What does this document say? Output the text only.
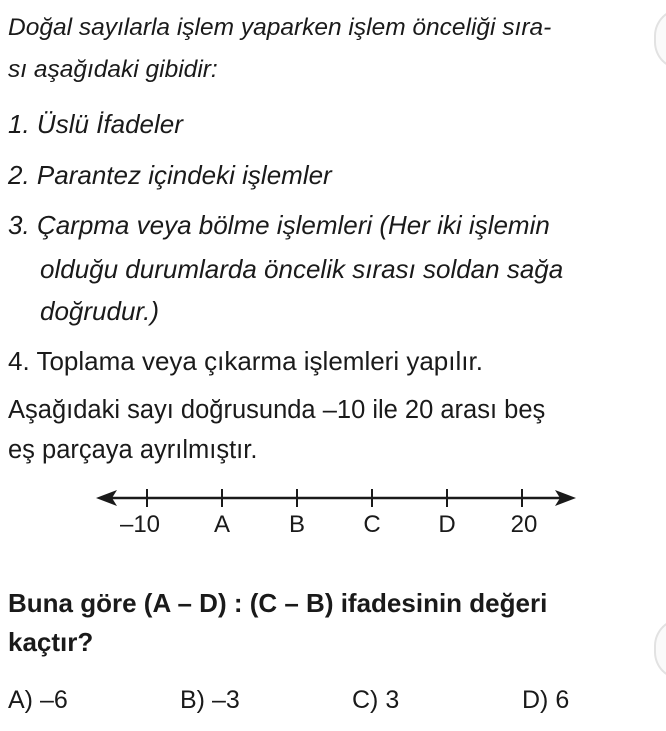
Doğal sayılarla işlem yaparken işlem önceliği sıra-

sı aşağıdaki gibidir:

1. Üslü İfadeler

2. Parantez içindeki işlemler

3. Çarpma veya bölme işlemleri (Her iki işlemin

olduğu durumlarda öncelik sırası soldan sağa

doğrudur.)

4. Toplama veya çıkarma işlemleri yapılır.

Aşağıdaki sayı doğrusunda –10 ile 20 arası beş

eş parçaya ayrılmıştır.

–10 A B C D 20

Buna göre (A – D) : (C – B) ifadesinin değeri

kaçtır?

A) –6	B) –3	C) 3	D) 6
